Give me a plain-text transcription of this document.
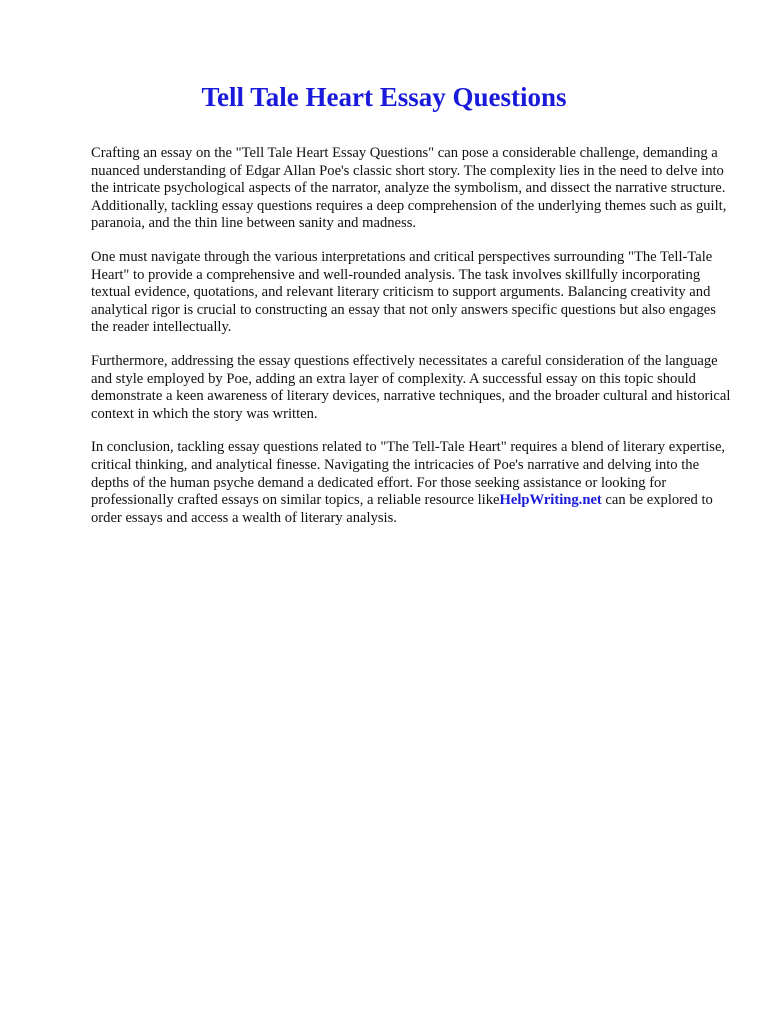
Tell Tale Heart Essay Questions

Crafting an essay on the "Tell Tale Heart Essay Questions" can pose a considerable challenge, demanding a nuanced understanding of Edgar Allan Poe's classic short story. The complexity lies in the need to delve into the intricate psychological aspects of the narrator, analyze the symbolism, and dissect the narrative structure. Additionally, tackling essay questions requires a deep comprehension of the underlying themes such as guilt, paranoia, and the thin line between sanity and madness.

One must navigate through the various interpretations and critical perspectives surrounding "The Tell-Tale Heart" to provide a comprehensive and well-rounded analysis. The task involves skillfully incorporating textual evidence, quotations, and relevant literary criticism to support arguments. Balancing creativity and analytical rigor is crucial to constructing an essay that not only answers specific questions but also engages the reader intellectually.

Furthermore, addressing the essay questions effectively necessitates a careful consideration of the language and style employed by Poe, adding an extra layer of complexity. A successful essay on this topic should demonstrate a keen awareness of literary devices, narrative techniques, and the broader cultural and historical context in which the story was written.

In conclusion, tackling essay questions related to "The Tell-Tale Heart" requires a blend of literary expertise, critical thinking, and analytical finesse. Navigating the intricacies of Poe's narrative and delving into the depths of the human psyche demand a dedicated effort. For those seeking assistance or looking for professionally crafted essays on similar topics, a reliable resource likeHelpWriting.net can be explored to order essays and access a wealth of literary analysis.
